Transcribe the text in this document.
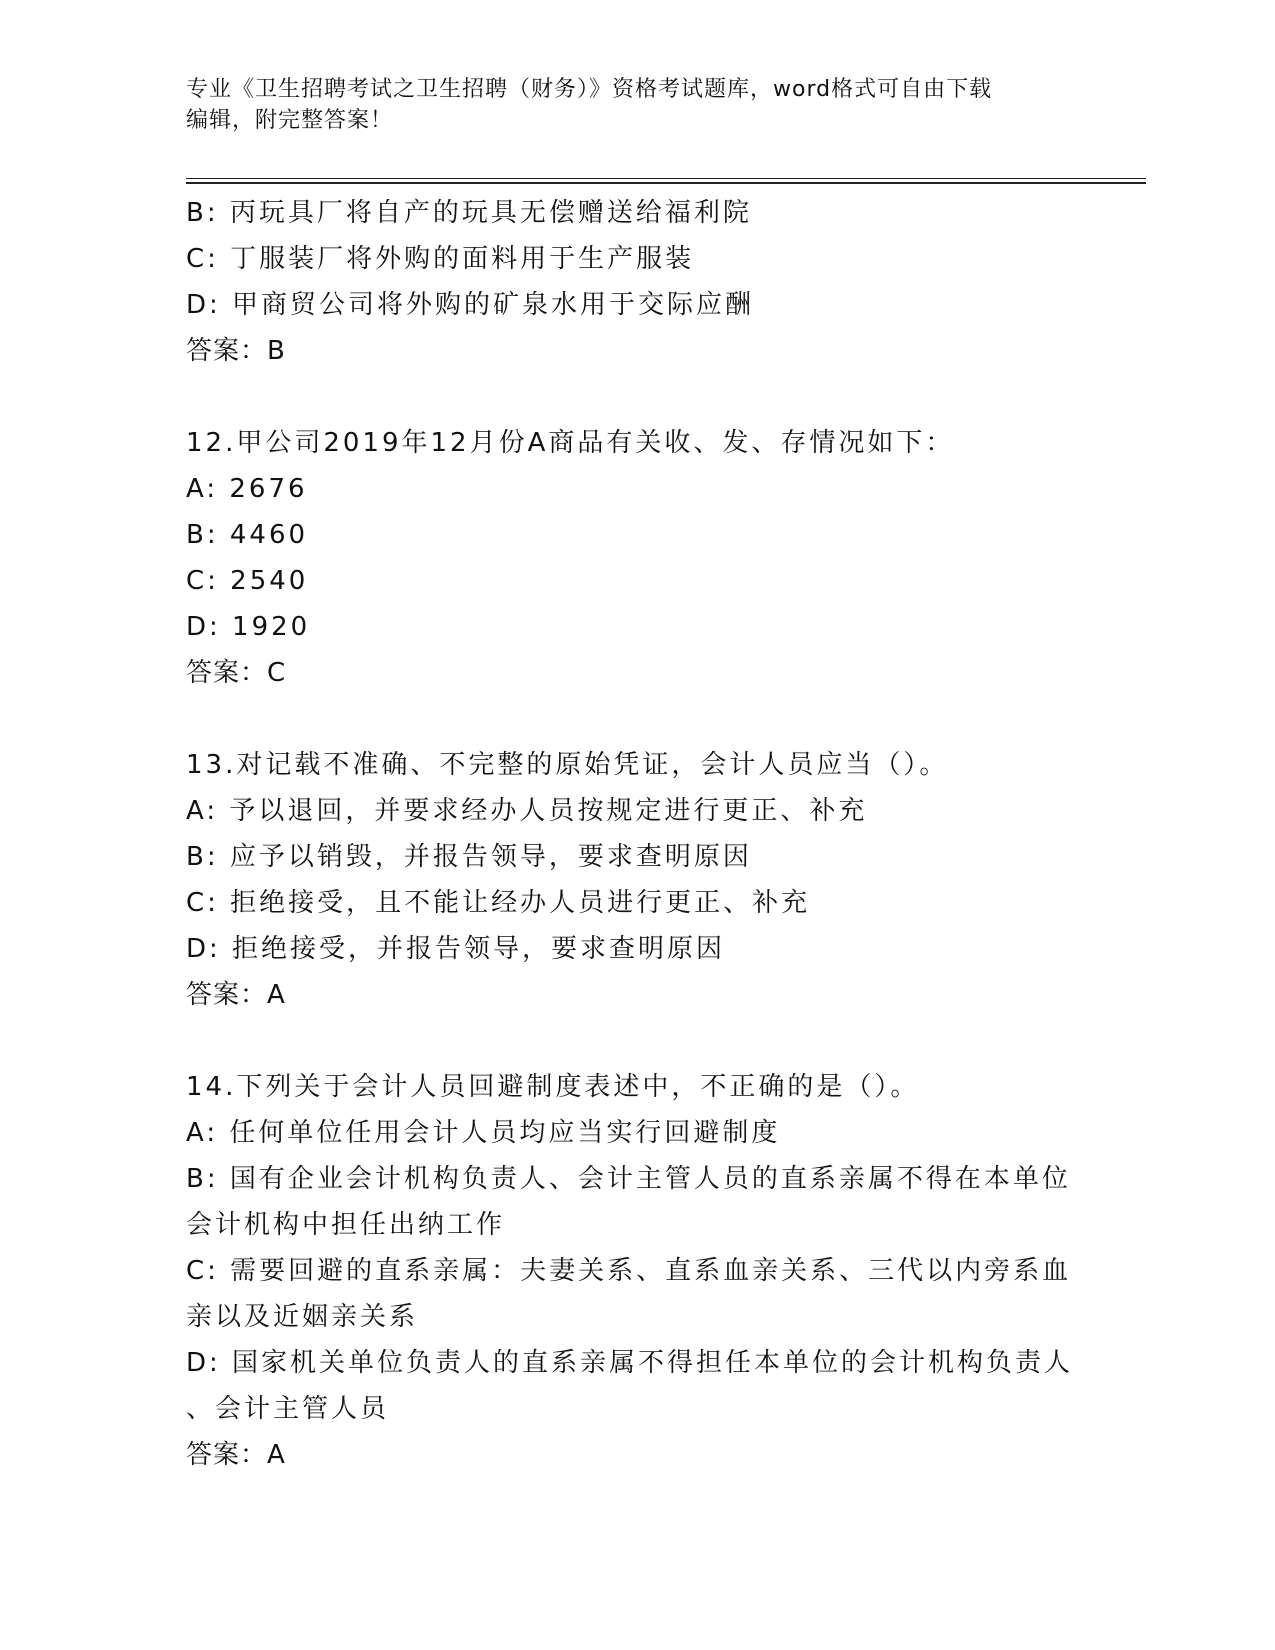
专业《卫生招聘考试之卫生招聘（财务）》资格考试题库，word格式可自由下载
编辑，附完整答案！
B: 丙玩具厂将自产的玩具无偿赠送给福利院
C: 丁服装厂将外购的面料用于生产服装
D: 甲商贸公司将外购的矿泉水用于交际应酬
答案：B
12.甲公司2019年12月份A商品有关收、发、存情况如下：
A: 2676
B: 4460
C: 2540
D: 1920
答案：C
13.对记载不准确、不完整的原始凭证，会计人员应当（）。
A: 予以退回，并要求经办人员按规定进行更正、补充
B: 应予以销毁，并报告领导，要求查明原因
C: 拒绝接受，且不能让经办人员进行更正、补充
D: 拒绝接受，并报告领导，要求查明原因
答案：A
14.下列关于会计人员回避制度表述中，不正确的是（）。
A: 任何单位任用会计人员均应当实行回避制度
B: 国有企业会计机构负责人、会计主管人员的直系亲属不得在本单位
会计机构中担任出纳工作
C: 需要回避的直系亲属：夫妻关系、直系血亲关系、三代以内旁系血
亲以及近姻亲关系
D: 国家机关单位负责人的直系亲属不得担任本单位的会计机构负责人
、会计主管人员
答案：A
